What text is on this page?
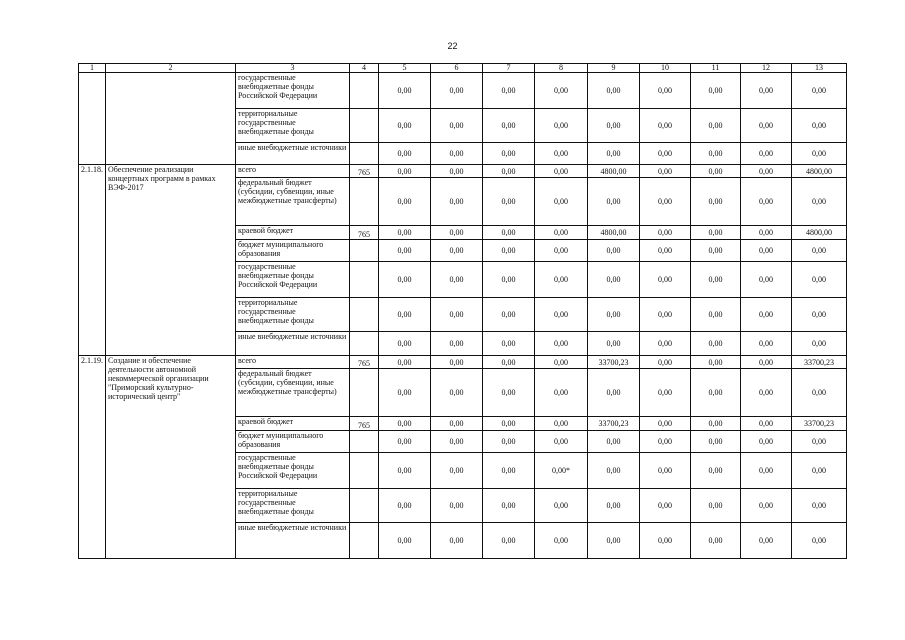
22
1	2	3	4	5	6	7	8	9	10	11	12	13
		государственные внебюджетные фонды Российской Федерации		0,00	0,00	0,00	0,00	0,00	0,00	0,00	0,00	0,00
		территориальные государственные внебюджетные фонды		0,00	0,00	0,00	0,00	0,00	0,00	0,00	0,00	0,00
		иные внебюджетные источники		0,00	0,00	0,00	0,00	0,00	0,00	0,00	0,00	0,00
2.1.18.	Обеспечение реализации концертных программ в рамках ВЭФ-2017	всего	765	0,00	0,00	0,00	0,00	4800,00	0,00	0,00	0,00	4800,00
		федеральный бюджет (субсидии, субвенции, иные межбюджетные трансферты)		0,00	0,00	0,00	0,00	0,00	0,00	0,00	0,00	0,00
		краевой бюджет	765	0,00	0,00	0,00	0,00	4800,00	0,00	0,00	0,00	4800,00
		бюджет муниципального образования		0,00	0,00	0,00	0,00	0,00	0,00	0,00	0,00	0,00
		государственные внебюджетные фонды Российской Федерации		0,00	0,00	0,00	0,00	0,00	0,00	0,00	0,00	0,00
		территориальные государственные внебюджетные фонды		0,00	0,00	0,00	0,00	0,00	0,00	0,00	0,00	0,00
		иные внебюджетные источники		0,00	0,00	0,00	0,00	0,00	0,00	0,00	0,00	0,00
2.1.19.	Создание и обеспечение деятельности автономной некоммерческой организации "Приморский культурно-исторический центр"	всего	765	0,00	0,00	0,00	0,00	33700,23	0,00	0,00	0,00	33700,23
		федеральный бюджет (субсидии, субвенции, иные межбюджетные трансферты)		0,00	0,00	0,00	0,00	0,00	0,00	0,00	0,00	0,00
		краевой бюджет	765	0,00	0,00	0,00	0,00	33700,23	0,00	0,00	0,00	33700,23
		бюджет муниципального образования		0,00	0,00	0,00	0,00	0,00	0,00	0,00	0,00	0,00
		государственные внебюджетные фонды Российской Федерации		0,00	0,00	0,00	0,00*	0,00	0,00	0,00	0,00	0,00
		территориальные государственные внебюджетные фонды		0,00	0,00	0,00	0,00	0,00	0,00	0,00	0,00	0,00
		иные внебюджетные источники		0,00	0,00	0,00	0,00	0,00	0,00	0,00	0,00	0,00
